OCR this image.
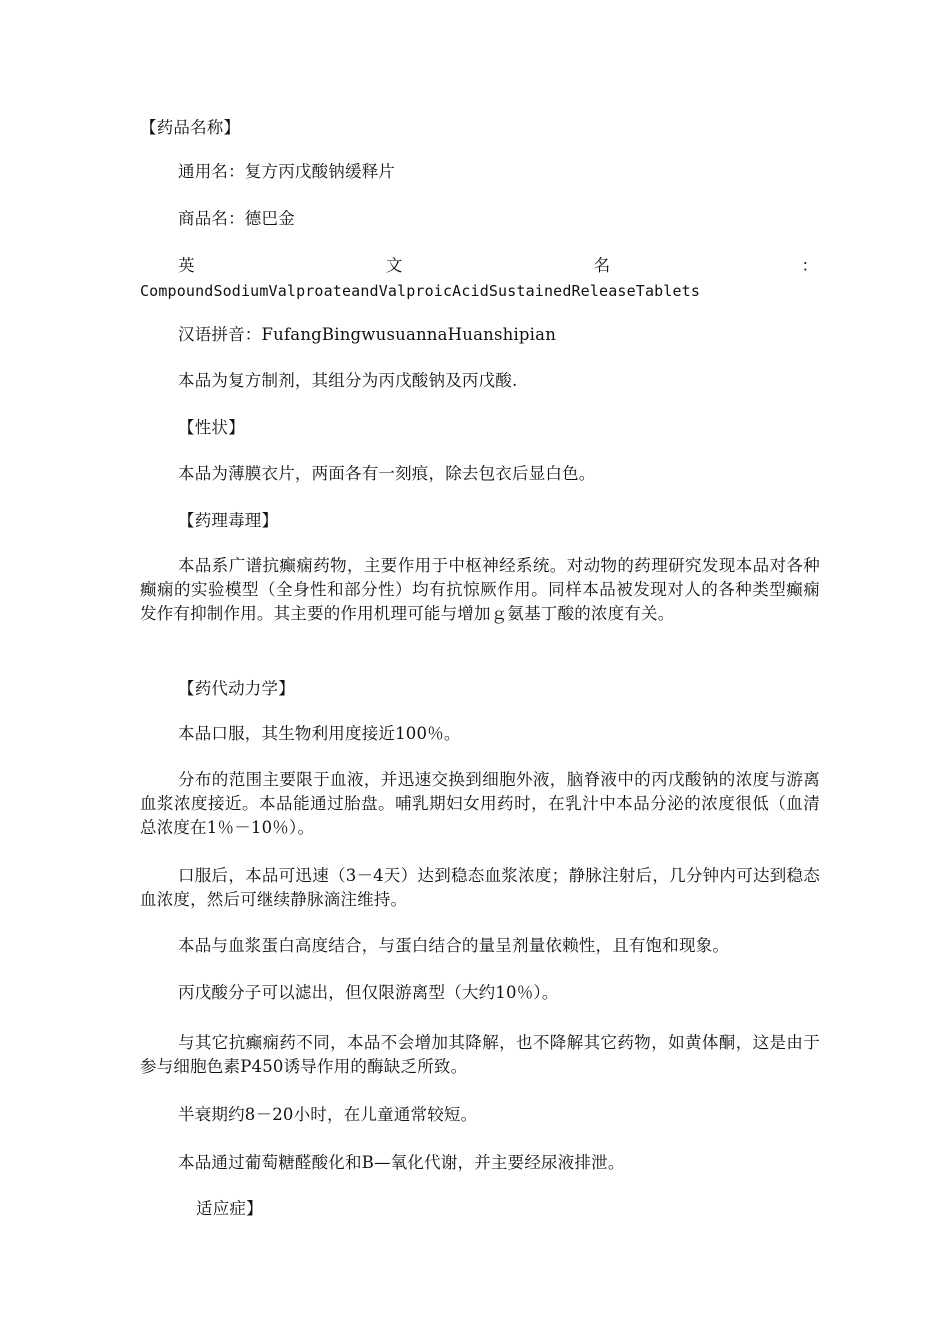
【药品名称】
通用名：复方丙戊酸钠缓释片
商品名：德巴金
英	文	名	：
CompoundSodiumValproateandValproicAcidSustainedReleaseTablets
汉语拼音：FufangBingwusuannaHuanshipian
本品为复方制剂，其组分为丙戊酸钠及丙戊酸.
【性状】
本品为薄膜衣片，两面各有一刻痕，除去包衣后显白色。
【药理毒理】
本品系广谱抗癫痫药物，主要作用于中枢神经系统。对动物的药理研究发现本品对各种癫痫的实验模型（全身性和部分性）均有抗惊厥作用。同样本品被发现对人的各种类型癫痫发作有抑制作用。其主要的作用机理可能与增加ｇ氨基丁酸的浓度有关。
【药代动力学】
本品口服，其生物利用度接近100％。
分布的范围主要限于血液，并迅速交换到细胞外液，脑脊液中的丙戊酸钠的浓度与游离血浆浓度接近。本品能通过胎盘。哺乳期妇女用药时，在乳汁中本品分泌的浓度很低（血清总浓度在1％－10％）。
口服后，本品可迅速（3－4天）达到稳态血浆浓度；静脉注射后，几分钟内可达到稳态血浓度，然后可继续静脉滴注维持。
本品与血浆蛋白高度结合，与蛋白结合的量呈剂量依赖性，且有饱和现象。
丙戊酸分子可以滤出，但仅限游离型（大约10％）。
与其它抗癫痫药不同，本品不会增加其降解，也不降解其它药物，如黄体酮，这是由于参与细胞色素P450诱导作用的酶缺乏所致。
半衰期约8－20小时，在儿童通常较短。
本品通过葡萄糖醛酸化和Β—氧化代谢，并主要经尿液排泄。
适应症】
